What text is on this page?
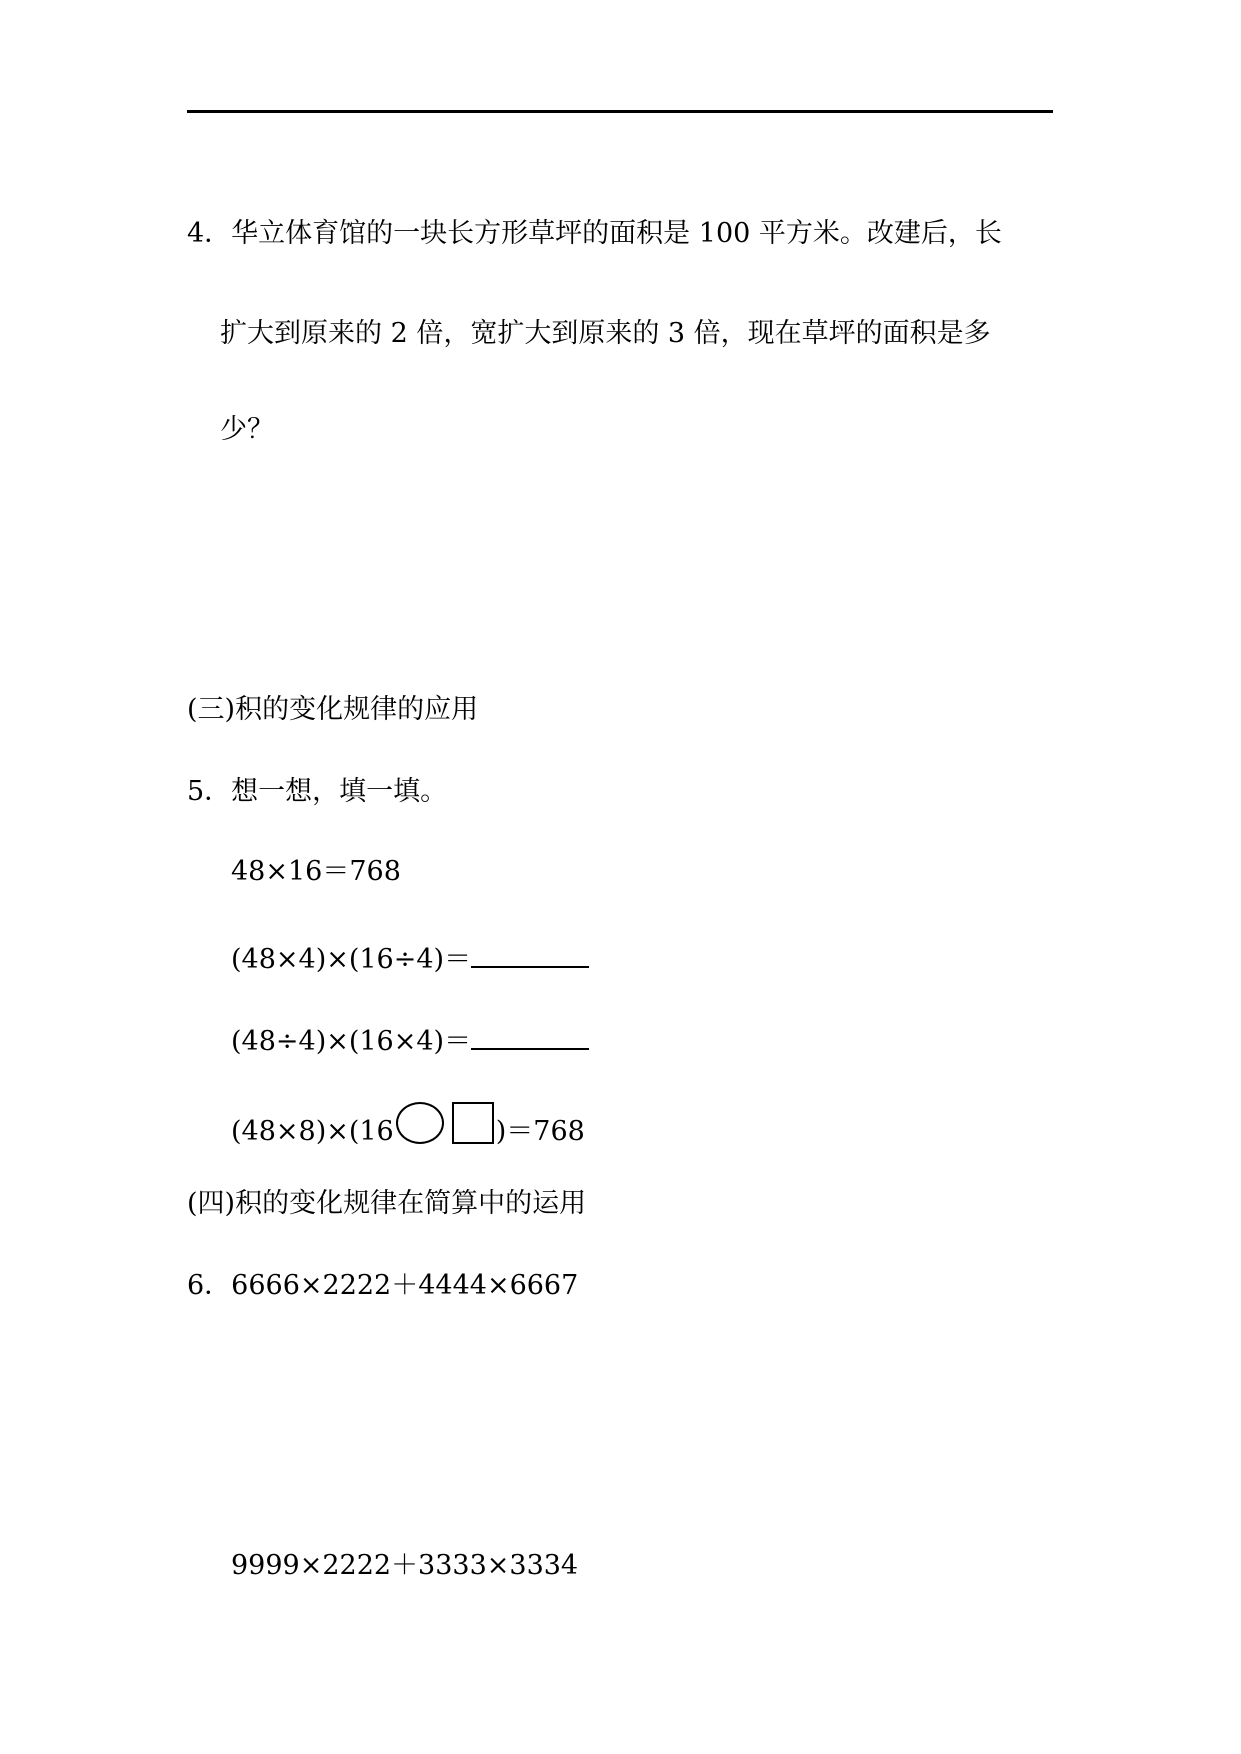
4．华立体育馆的一块长方形草坪的面积是 100 平方米。改建后，长
扩大到原来的 2 倍，宽扩大到原来的 3 倍，现在草坪的面积是多
少？
(三)积的变化规律的应用
5．想一想，填一填。
48×16＝768
(48×4)×(16÷4)＝
(48÷4)×(16×4)＝
(48×8)×(16	)＝768
(四)积的变化规律在简算中的运用
6．6666×2222＋4444×6667
9999×2222＋3333×3334
